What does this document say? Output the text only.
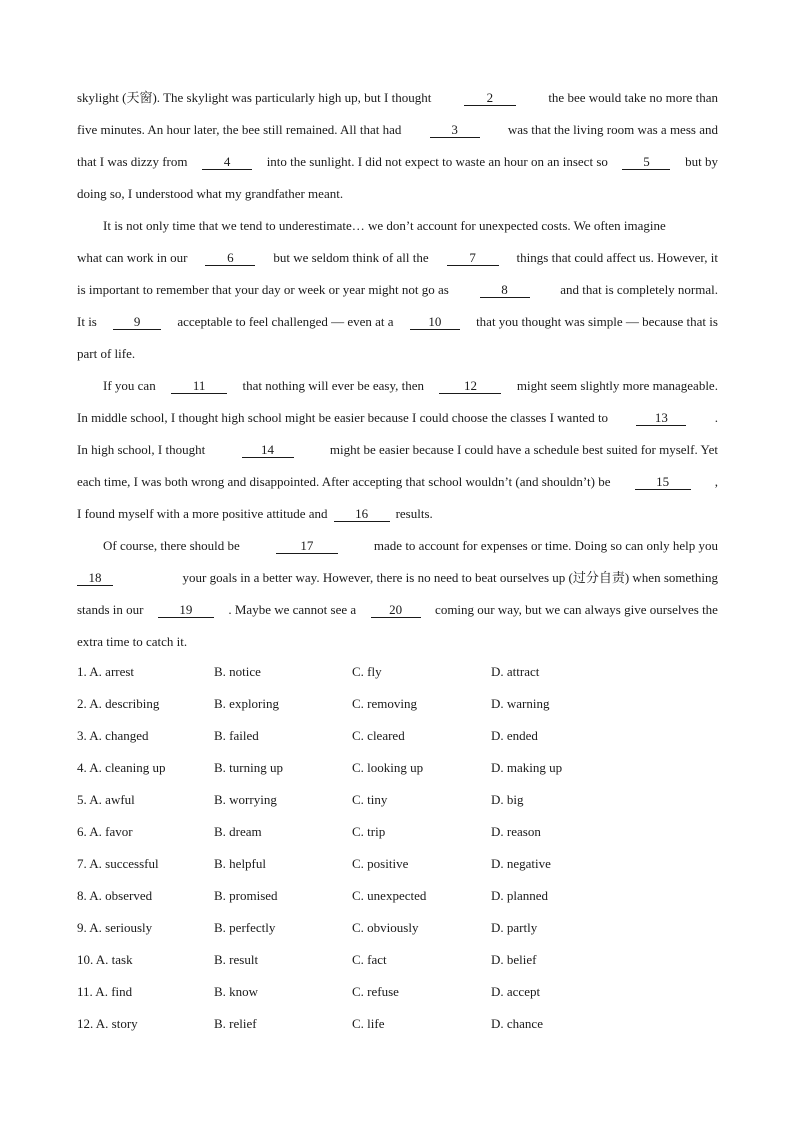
skylight (天窗). The skylight was particularly high up, but I thought	2	the bee would take no more than
five minutes. An hour later, the bee still remained. All that had	3	was that the living room was a mess and
that I was dizzy from	4	into the sunlight. I did not expect to waste an hour on an insect so	5	but by
doing so, I understood what my grandfather meant.
It is not only time that we tend to underestimate… we don’t account for unexpected costs. We often imagine
what can work in our	6	but we seldom think of all the	7	things that could affect us. However, it
is important to remember that your day or week or year might not go as	8	and that is completely normal.
It is	9	acceptable to feel challenged — even at a	10	that you thought was simple — because that is
part of life.
If you can	11	that nothing will ever be easy, then	12	might seem slightly more manageable.
In middle school, I thought high school might be easier because I could choose the classes I wanted to	13	.
In high school, I thought	14	might be easier because I could have a schedule best suited for myself. Yet
each time, I was both wrong and disappointed. After accepting that school wouldn’t (and shouldn’t) be	15	,
I found myself with a more positive attitude and	16	results.
Of course, there should be	17	made to account for expenses or time. Doing so can only help you
18	your goals in a better way. However, there is no need to beat ourselves up (过分自责) when something
stands in our	19	. Maybe we cannot see a	20	coming our way, but we can always give ourselves the
extra time to catch it.
1. A. arrest	B. notice	C. fly	D. attract
2. A. describing	B. exploring	C. removing	D. warning
3. A. changed	B. failed	C. cleared	D. ended
4. A. cleaning up	B. turning up	C. looking up	D. making up
5. A. awful	B. worrying	C. tiny	D. big
6. A. favor	B. dream	C. trip	D. reason
7. A. successful	B. helpful	C. positive	D. negative
8. A. observed	B. promised	C. unexpected	D. planned
9. A. seriously	B. perfectly	C. obviously	D. partly
10. A. task	B. result	C. fact	D. belief
11. A. find	B. know	C. refuse	D. accept
12. A. story	B. relief	C. life	D. chance
